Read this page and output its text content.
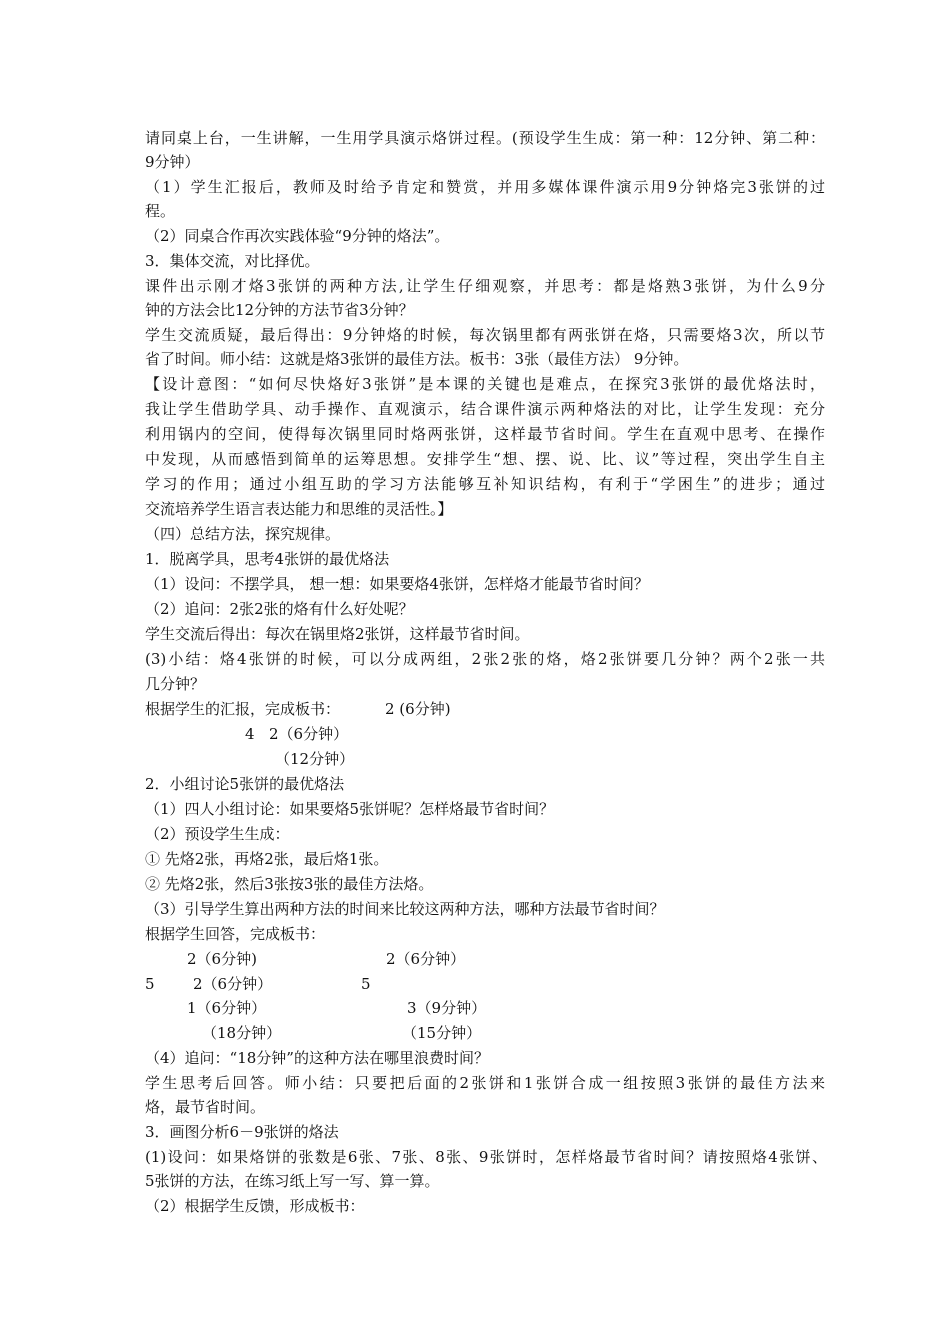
请同桌上台，一生讲解，一生用学具演示烙饼过程。(预设学生生成：第一种：12分钟、第二种：
9分钟）
（1）学生汇报后，教师及时给予肯定和赞赏，并用多媒体课件演示用9分钟烙完3张饼的过
程。
（2）同桌合作再次实践体验“9分钟的烙法”。
3．集体交流，对比择优。
课件出示刚才烙3张饼的两种方法,让学生仔细观察，并思考：都是烙熟3张饼，为什么9分
钟的方法会比12分钟的方法节省3分钟？
学生交流质疑，最后得出：9分钟烙的时候，每次锅里都有两张饼在烙，只需要烙3次，所以节
省了时间。师小结：这就是烙3张饼的最佳方法。板书：3张（最佳方法） 9分钟。
【设计意图：“如何尽快烙好3张饼”是本课的关键也是难点，在探究3张饼的最优烙法时，
我让学生借助学具、动手操作、直观演示，结合课件演示两种烙法的对比，让学生发现：充分
利用锅内的空间，使得每次锅里同时烙两张饼，这样最节省时间。学生在直观中思考、在操作
中发现，从而感悟到简单的运筹思想。安排学生“想、摆、说、比、议”等过程，突出学生自主
学习的作用；通过小组互助的学习方法能够互补知识结构，有利于“学困生”的进步；通过
交流培养学生语言表达能力和思维的灵活性。】
（四）总结方法，探究规律。
1．脱离学具，思考4张饼的最优烙法
（1）设问：不摆学具， 想一想：如果要烙4张饼，怎样烙才能最节省时间？
（2）追问：2张2张的烙有什么好处呢？
学生交流后得出：每次在锅里烙2张饼，这样最节省时间。
(3)小结：烙4张饼的时候，可以分成两组，2张2张的烙，烙2张饼要几分钟？两个2张一共
几分钟？
根据学生的汇报，完成板书：	2 (6分钟)
4 2（6分钟）
（12分钟）
2．小组讨论5张饼的最优烙法
（1）四人小组讨论：如果要烙5张饼呢？怎样烙最节省时间？
（2）预设学生生成：
① 先烙2张，再烙2张，最后烙1张。
② 先烙2张，然后3张按3张的最佳方法烙。
（3）引导学生算出两种方法的时间来比较这两种方法，哪种方法最节省时间？
根据学生回答，完成板书：
2（6分钟)	2（6分钟）
5	2（6分钟）	5
1（6分钟）	3（9分钟）
（18分钟）	（15分钟）
（4）追问：“18分钟”的这种方法在哪里浪费时间？
学生思考后回答。师小结：只要把后面的2张饼和1张饼合成一组按照3张饼的最佳方法来
烙，最节省时间。
3．画图分析6－9张饼的烙法
(1)设问：如果烙饼的张数是6张、7张、8张、9张饼时，怎样烙最节省时间？请按照烙4张饼、
5张饼的方法，在练习纸上写一写、算一算。
（2）根据学生反馈，形成板书：
